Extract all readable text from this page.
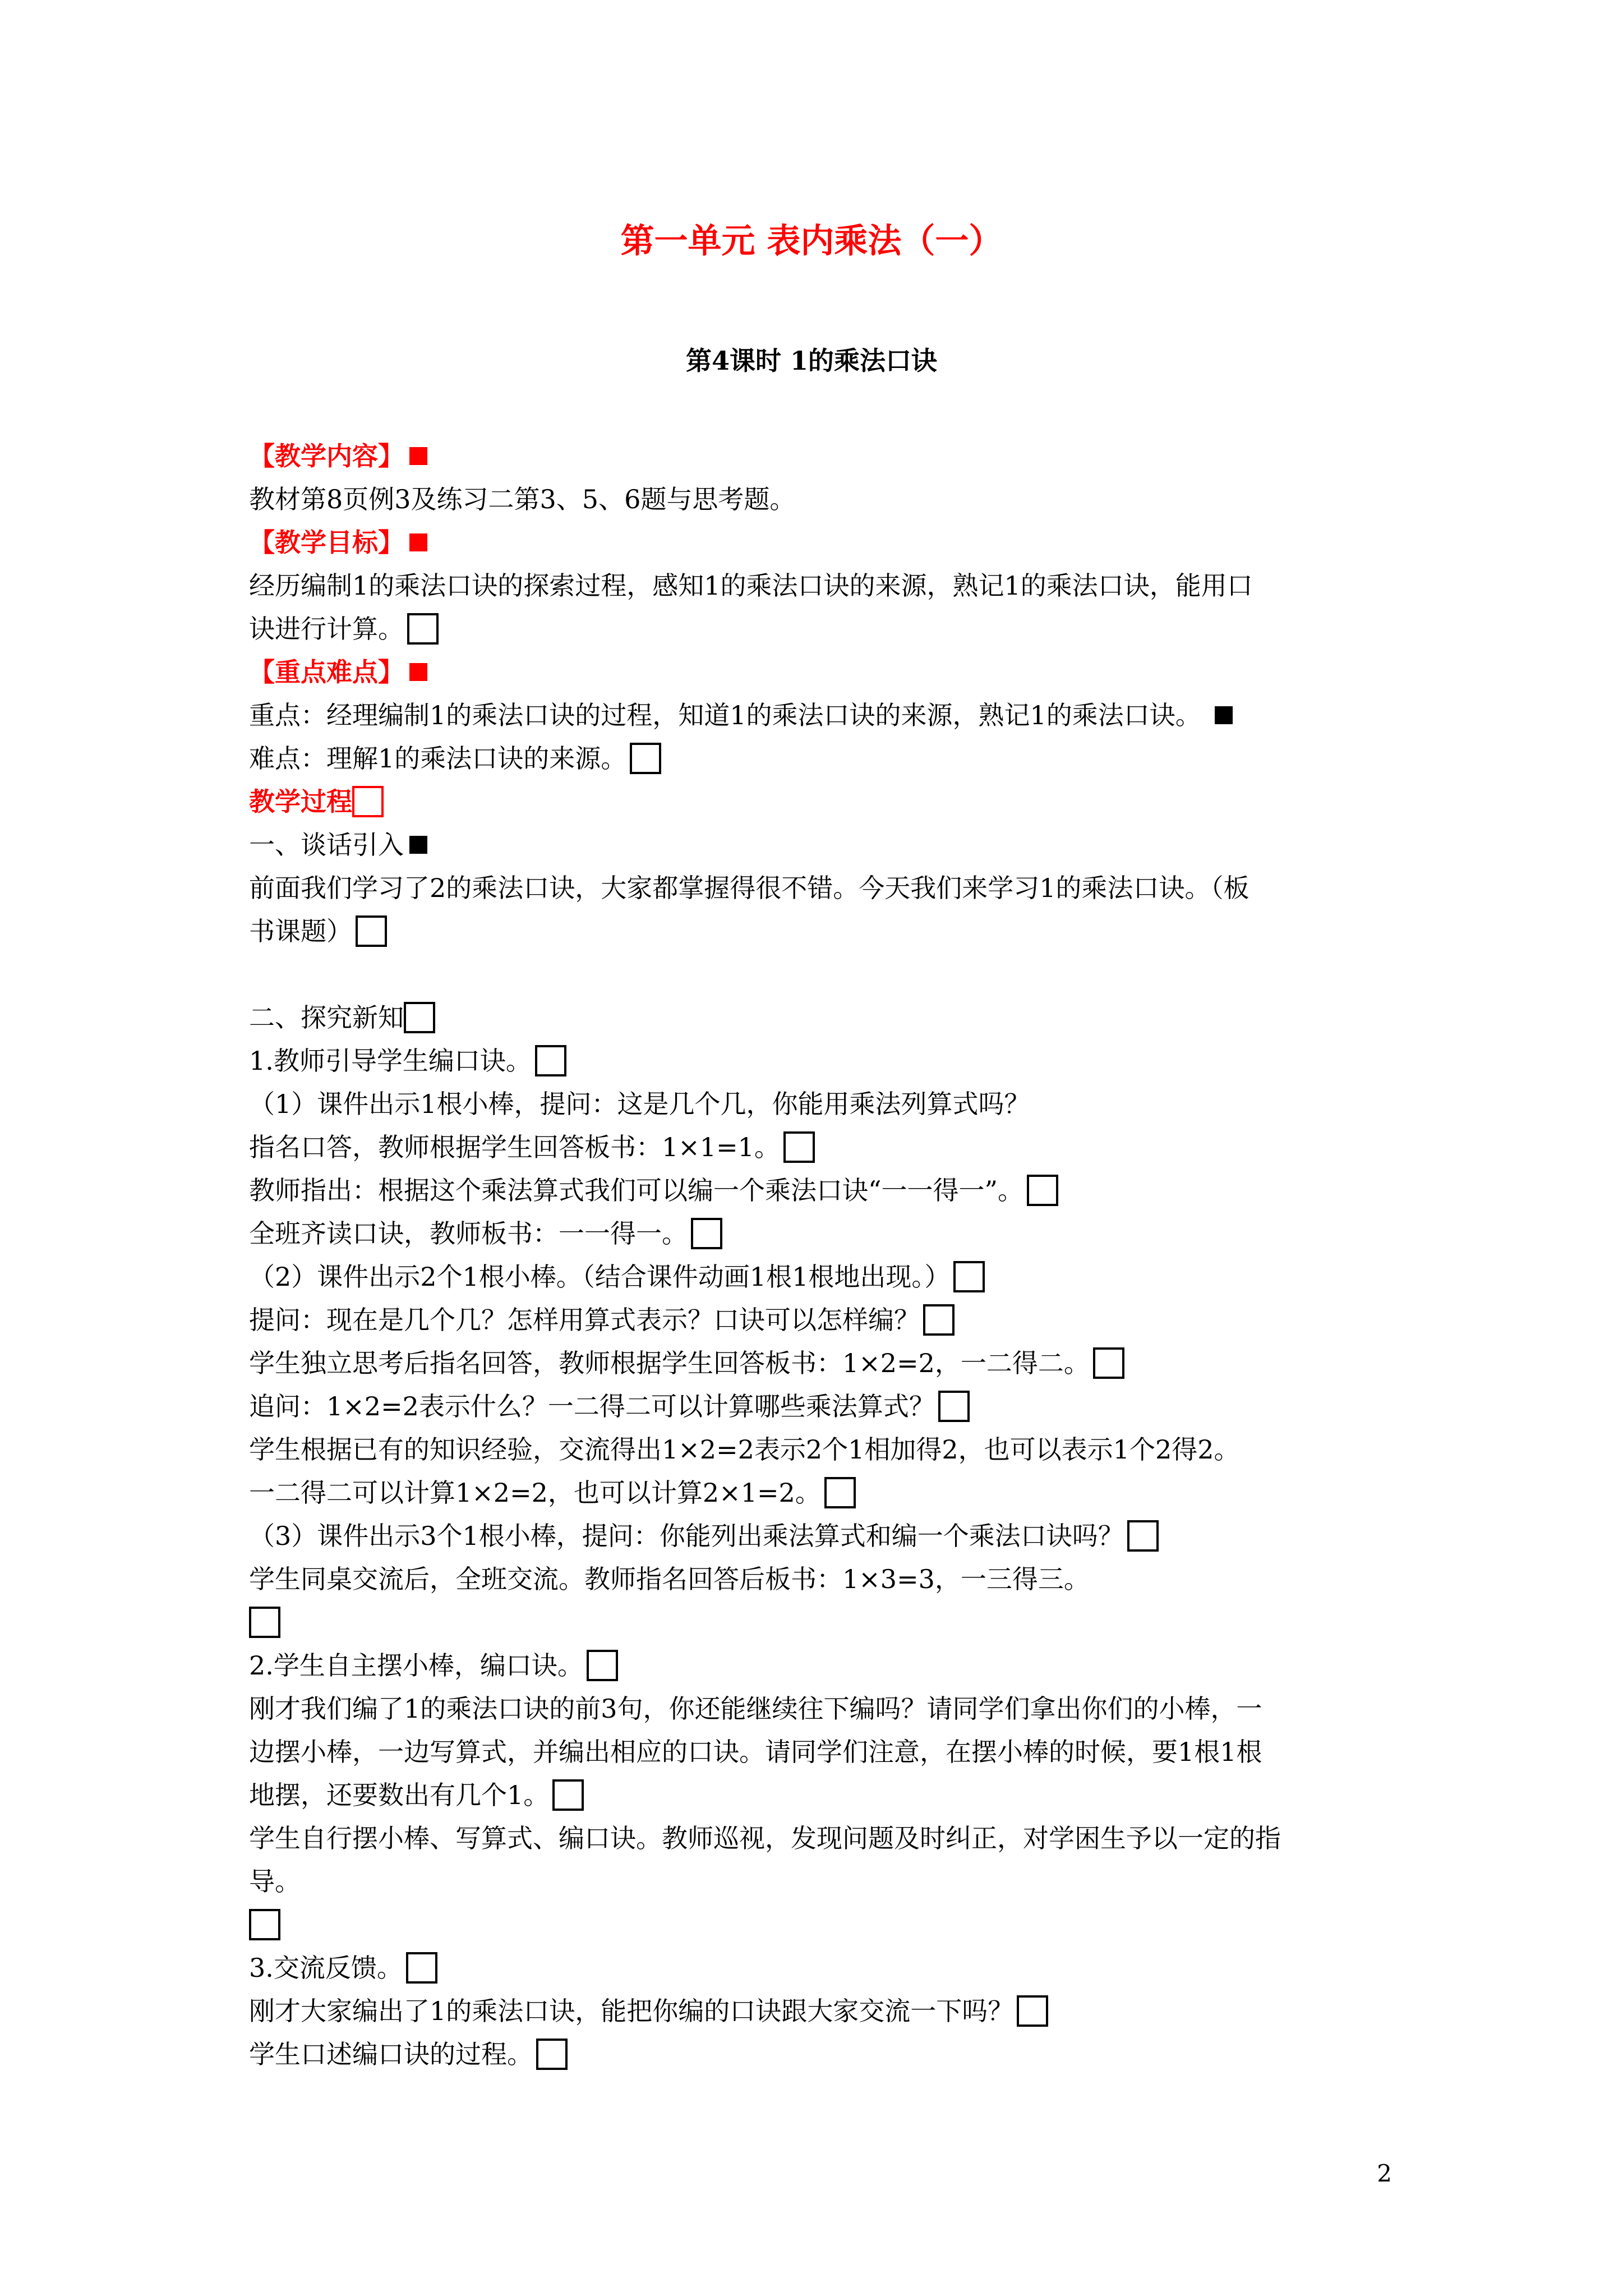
第一单元 表内乘法（一）
第4课时 1的乘法口诀
【教学内容】
教材第8页例3及练习二第3、5、6题与思考题。
【教学目标】
经历编制1的乘法口诀的探索过程，感知1的乘法口诀的来源，熟记1的乘法口诀，能用口
诀进行计算。
【重点难点】
重点：经理编制1的乘法口诀的过程，知道1的乘法口诀的来源，熟记1的乘法口诀。
难点：理解1的乘法口诀的来源。
教学过程
一、谈话引入
前面我们学习了2的乘法口诀，大家都掌握得很不错。今天我们来学习1的乘法口诀。（板
书课题）
二、探究新知
1.教师引导学生编口诀。
（1）课件出示1根小棒，提问：这是几个几，你能用乘法列算式吗？
指名口答，教师根据学生回答板书：1×1=1。
教师指出：根据这个乘法算式我们可以编一个乘法口诀“一一得一”。
全班齐读口诀，教师板书：一一得一。
（2）课件出示2个1根小棒。（结合课件动画1根1根地出现。）
提问：现在是几个几？怎样用算式表示？口诀可以怎样编？
学生独立思考后指名回答，教师根据学生回答板书：1×2=2，一二得二。
追问：1×2=2表示什么？一二得二可以计算哪些乘法算式？
学生根据已有的知识经验，交流得出1×2=2表示2个1相加得2，也可以表示1个2得2。
一二得二可以计算1×2=2，也可以计算2×1=2。
（3）课件出示3个1根小棒，提问：你能列出乘法算式和编一个乘法口诀吗？
学生同桌交流后，全班交流。教师指名回答后板书：1×3=3，一三得三。
2.学生自主摆小棒，编口诀。
刚才我们编了1的乘法口诀的前3句，你还能继续往下编吗？请同学们拿出你们的小棒，一
边摆小棒，一边写算式，并编出相应的口诀。请同学们注意，在摆小棒的时候，要1根1根
地摆，还要数出有几个1。
学生自行摆小棒、写算式、编口诀。教师巡视，发现问题及时纠正，对学困生予以一定的指
导。
3.交流反馈。
刚才大家编出了1的乘法口诀，能把你编的口诀跟大家交流一下吗？
学生口述编口诀的过程。
2
